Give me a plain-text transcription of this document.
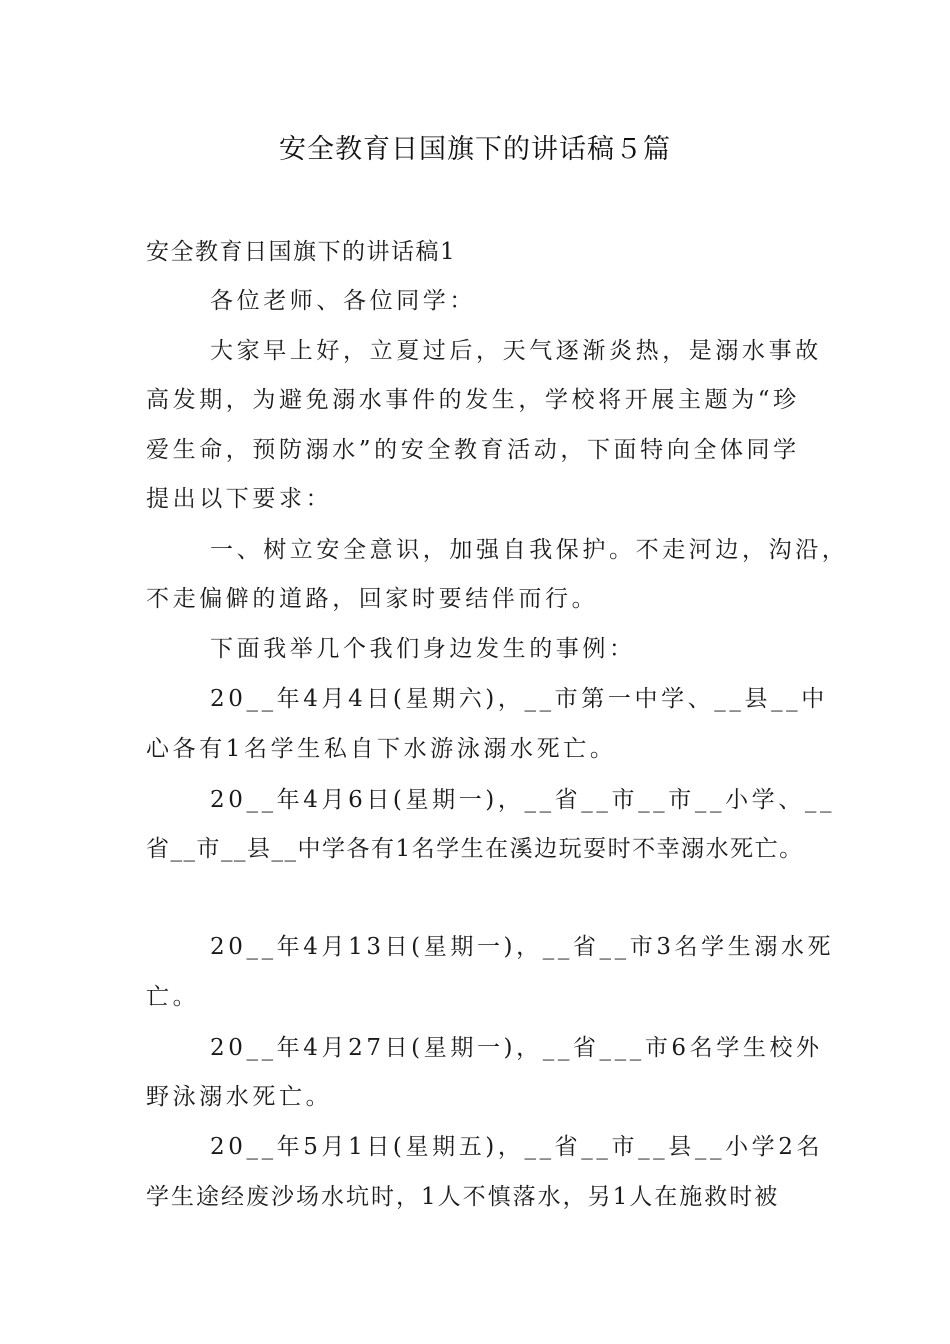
安全教育日国旗下的讲话稿５篇
安全教育日国旗下的讲话稿1
各位老师、各位同学：
大家早上好，立夏过后，天气逐渐炎热，是溺水事故
高发期，为避免溺水事件的发生，学校将开展主题为“珍
爱生命，预防溺水”的安全教育活动，下面特向全体同学
提出以下要求：
一、树立安全意识，加强自我保护。不走河边，沟沿，
不走偏僻的道路，回家时要结伴而行。
下面我举几个我们身边发生的事例：
20__年4月4日(星期六)，__市第一中学、__县__中
心各有1名学生私自下水游泳溺水死亡。
20__年4月6日(星期一)，__省__市__市__小学、__
省__市__县__中学各有1名学生在溪边玩耍时不幸溺水死亡。
20__年4月13日(星期一)，__省__市3名学生溺水死
亡。
20__年4月27日(星期一)，__省___市6名学生校外
野泳溺水死亡。
20__年5月1日(星期五)，__省__市__县__小学2名
学生途经废沙场水坑时，1人不慎落水，另1人在施救时被
